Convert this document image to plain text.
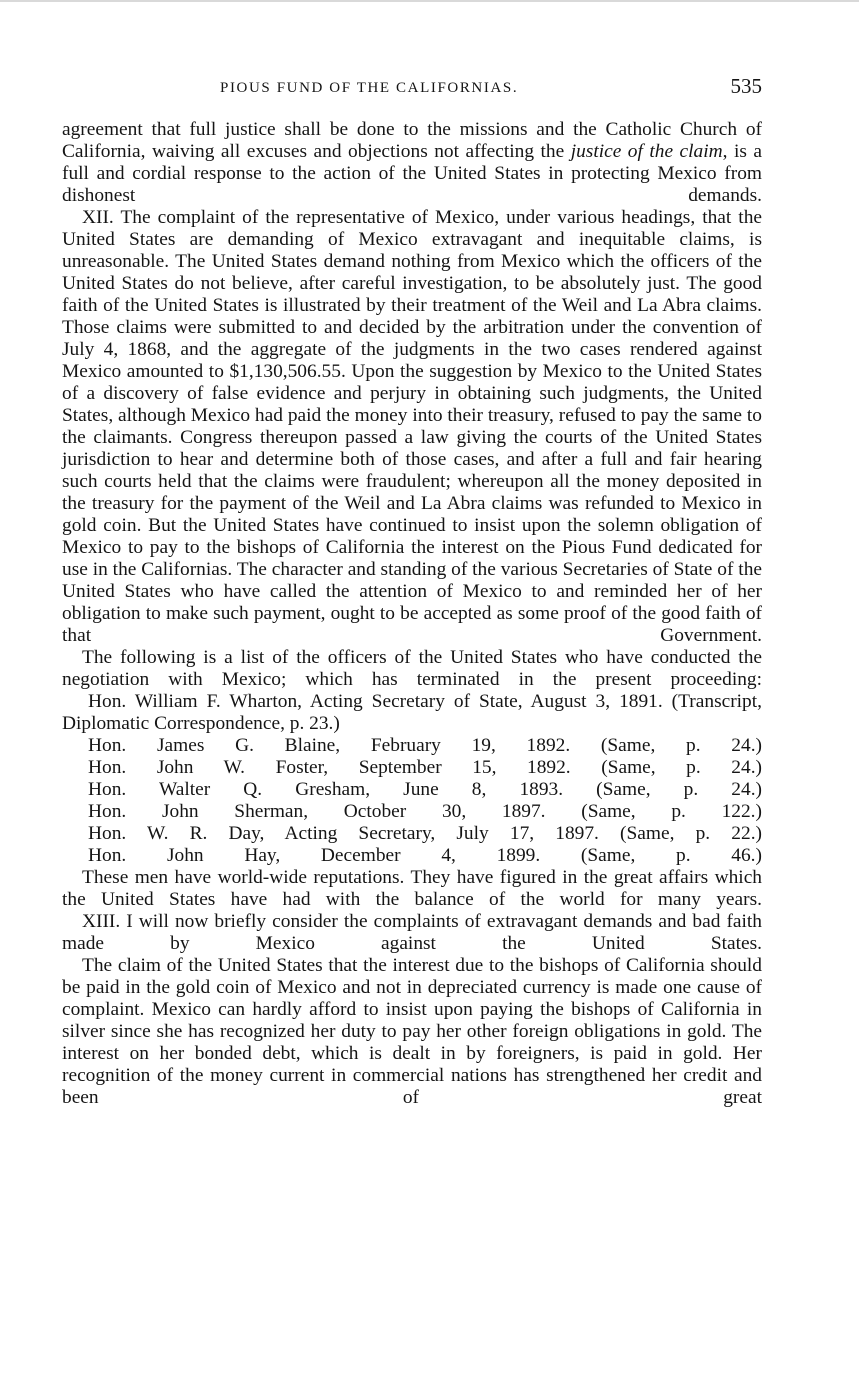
PIOUS FUND OF THE CALIFORNIAS.	535

agreement that full justice shall be done to the missions and the Catholic Church of California, waiving all excuses and objections not affecting the justice of the claim, is a full and cordial response to the action of the United States in protecting Mexico from dishonest demands.

XII. The complaint of the representative of Mexico, under various headings, that the United States are demanding of Mexico extravagant and inequitable claims, is unreasonable. The United States demand nothing from Mexico which the officers of the United States do not believe, after careful investigation, to be absolutely just. The good faith of the United States is illustrated by their treatment of the Weil and La Abra claims. Those claims were submitted to and decided by the arbitration under the convention of July 4, 1868, and the aggregate of the judgments in the two cases rendered against Mexico amounted to $1,130,506.55. Upon the suggestion by Mexico to the United States of a discovery of false evidence and perjury in obtaining such judgments, the United States, although Mexico had paid the money into their treasury, refused to pay the same to the claimants. Congress thereupon passed a law giving the courts of the United States jurisdiction to hear and determine both of those cases, and after a full and fair hearing such courts held that the claims were fraudulent; whereupon all the money deposited in the treasury for the payment of the Weil and La Abra claims was refunded to Mexico in gold coin. But the United States have continued to insist upon the solemn obligation of Mexico to pay to the bishops of California the interest on the Pious Fund dedicated for use in the Californias. The character and standing of the various Secretaries of State of the United States who have called the attention of Mexico to and reminded her of her obligation to make such payment, ought to be accepted as some proof of the good faith of that Government.

The following is a list of the officers of the United States who have conducted the negotiation with Mexico; which has terminated in the present proceeding:

Hon. William F. Wharton, Acting Secretary of State, August 3, 1891. (Transcript, Diplomatic Correspondence, p. 23.)

Hon. James G. Blaine, February 19, 1892. (Same, p. 24.)

Hon. John W. Foster, September 15, 1892. (Same, p. 24.)

Hon. Walter Q. Gresham, June 8, 1893. (Same, p. 24.)

Hon. John Sherman, October 30, 1897. (Same, p. 122.)

Hon. W. R. Day, Acting Secretary, July 17, 1897. (Same, p. 22.)

Hon. John Hay, December 4, 1899. (Same, p. 46.)

These men have world-wide reputations. They have figured in the great affairs which the United States have had with the balance of the world for many years.

XIII. I will now briefly consider the complaints of extravagant demands and bad faith made by Mexico against the United States.

The claim of the United States that the interest due to the bishops of California should be paid in the gold coin of Mexico and not in depreciated currency is made one cause of complaint. Mexico can hardly afford to insist upon paying the bishops of California in silver since she has recognized her duty to pay her other foreign obligations in gold. The interest on her bonded debt, which is dealt in by foreigners, is paid in gold. Her recognition of the money current in commercial nations has strengthened her credit and been of great
